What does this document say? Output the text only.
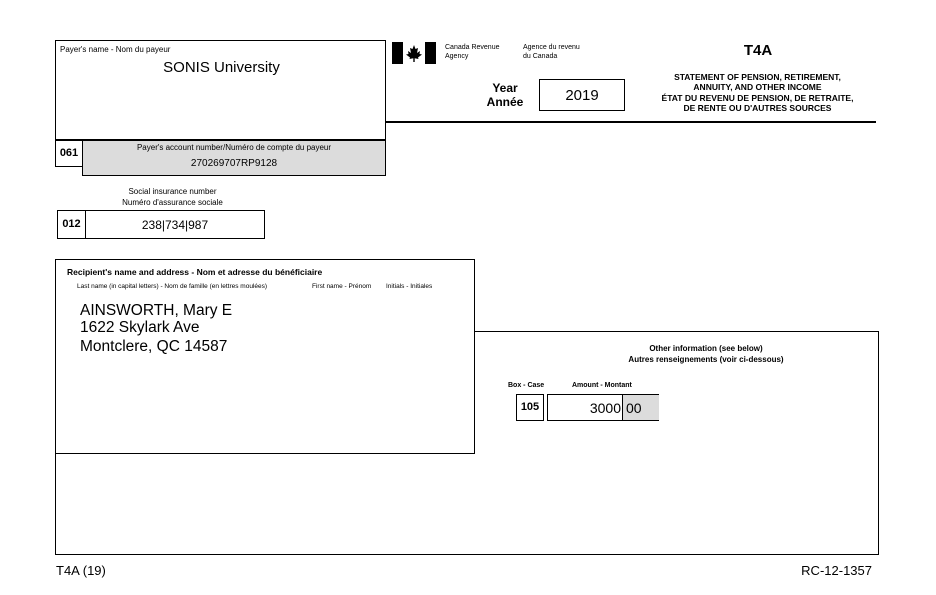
Payer's name - Nom du payeur
SONIS University
Canada Revenue
Agency
Agence du revenu
du Canada	T4A
STATEMENT OF PENSION, RETIREMENT,
ANNUITY, AND OTHER INCOME
ÉTAT DU REVENU DE PENSION, DE RETRAITE,
DE RENTE OU D'AUTRES SOURCES
Year
Année	2019
061	Payer's account number/Numéro de compte du payeur
270269707RP9128
Social insurance number
Numéro d'assurance sociale
012	238|734|987
Other information (see below)
Autres renseignements (voir ci-dessous)
Box - Case	Amount - Montant
Recipient's name and address - Nom et adresse du bénéficiaire
Last name (in capital letters) - Nom de famille (en lettres moulées)	First name - Prénom Initials - Initiales
AINSWORTH, Mary E
1622 Skylark Ave
Montclere, QC 14587
105	3000 00
T4A (19)	RC-12-1357
